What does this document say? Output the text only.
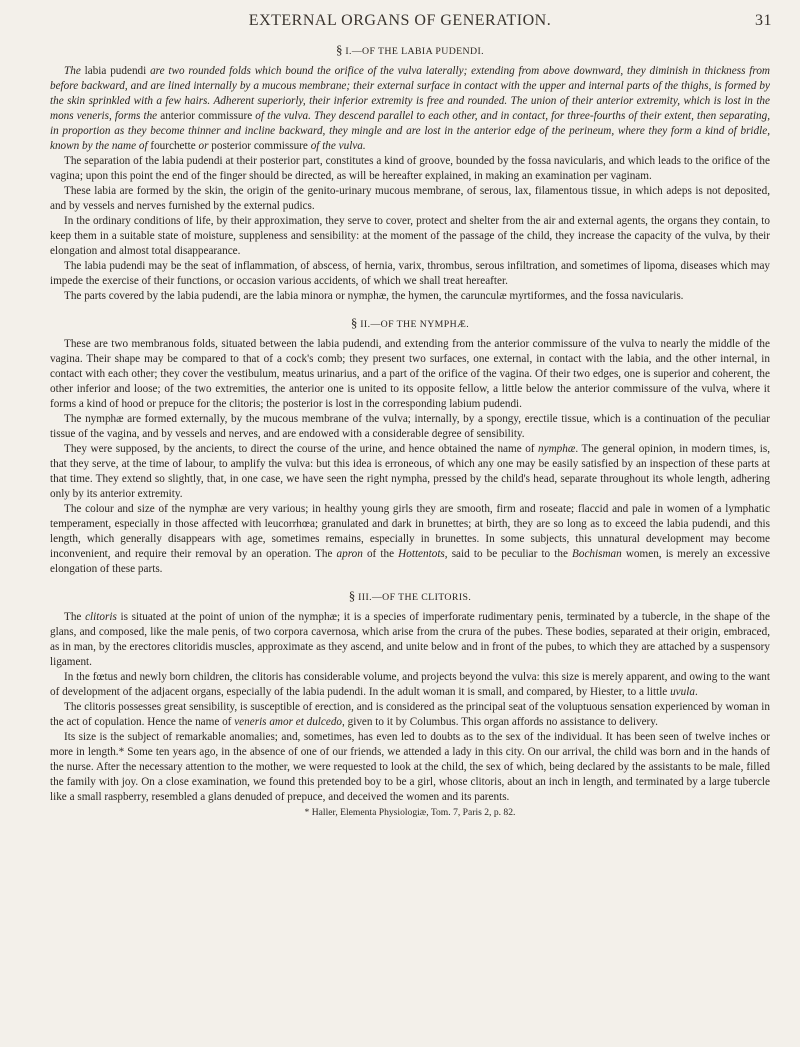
EXTERNAL ORGANS OF GENERATION.	31
§ I.—OF THE LABIA PUDENDI.

The labia pudendi are two rounded folds which bound the orifice of the vulva laterally; extending from above downward, they diminish in thickness from before backward, and are lined internally by a mucous membrane; their external surface in contact with the upper and internal parts of the thighs, is formed by the skin sprinkled with a few hairs. Adherent superiorly, their inferior extremity is free and rounded. The union of their anterior extremity, which is lost in the mons veneris, forms the anterior commissure of the vulva. They descend parallel to each other, and in contact, for three-fourths of their extent, then separating, in proportion as they become thinner and incline backward, they mingle and are lost in the anterior edge of the perineum, where they form a kind of bridle, known by the name of fourchette or posterior commissure of the vulva.

The separation of the labia pudendi at their posterior part, constitutes a kind of groove, bounded by the fossa navicularis, and which leads to the orifice of the vagina; upon this point the end of the finger should be directed, as will be hereafter explained, in making an examination per vaginam.

These labia are formed by the skin, the origin of the genito-urinary mucous membrane, of serous, lax, filamentous tissue, in which adeps is not deposited, and by vessels and nerves furnished by the external pudics.

In the ordinary conditions of life, by their approximation, they serve to cover, protect and shelter from the air and external agents, the organs they contain, to keep them in a suitable state of moisture, suppleness and sensibility: at the moment of the passage of the child, they increase the capacity of the vulva, by their elongation and almost total disappearance.

The labia pudendi may be the seat of inflammation, of abscess, of hernia, varix, thrombus, serous infiltration, and sometimes of lipoma, diseases which may impede the exercise of their functions, or occasion various accidents, of which we shall treat hereafter.

The parts covered by the labia pudendi, are the labia minora or nymphæ, the hymen, the carunculæ myrtiformes, and the fossa navicularis.

§ II.—OF THE NYMPHÆ.

These are two membranous folds, situated between the labia pudendi, and extending from the anterior commissure of the vulva to nearly the middle of the vagina. Their shape may be compared to that of a cock's comb; they present two surfaces, one external, in contact with the labia, and the other internal, in contact with each other; they cover the vestibulum, meatus urinarius, and a part of the orifice of the vagina. Of their two edges, one is superior and coherent, the other inferior and loose; of the two extremities, the anterior one is united to its opposite fellow, a little below the anterior commissure of the vulva, where it forms a kind of hood or prepuce for the clitoris; the posterior is lost in the corresponding labium pudendi.

The nymphæ are formed externally, by the mucous membrane of the vulva; internally, by a spongy, erectile tissue, which is a continuation of the peculiar tissue of the vagina, and by vessels and nerves, and are endowed with a considerable degree of sensibility.

They were supposed, by the ancients, to direct the course of the urine, and hence obtained the name of nymphæ. The general opinion, in modern times, is, that they serve, at the time of labour, to amplify the vulva: but this idea is erroneous, of which any one may be easily satisfied by an inspection of these parts at that time. They extend so slightly, that, in one case, we have seen the right nympha, pressed by the child's head, separate throughout its whole length, adhering only by its anterior extremity.

The colour and size of the nymphæ are very various; in healthy young girls they are smooth, firm and roseate; flaccid and pale in women of a lymphatic temperament, especially in those affected with leucorrhœa; granulated and dark in brunettes; at birth, they are so long as to exceed the labia pudendi, and this length, which generally disappears with age, sometimes remains, especially in brunettes. In some subjects, this unnatural development may become inconvenient, and require their removal by an operation. The apron of the Hottentots, said to be peculiar to the Bochisman women, is merely an excessive elongation of these parts.

§ III.—OF THE CLITORIS.

The clitoris is situated at the point of union of the nymphæ; it is a species of imperforate rudimentary penis, terminated by a tubercle, in the shape of the glans, and composed, like the male penis, of two corpora cavernosa, which arise from the crura of the pubes. These bodies, separated at their origin, embraced, as in man, by the erectores clitoridis muscles, approximate as they ascend, and unite below and in front of the pubes, to which they are attached by a suspensory ligament.

In the fœtus and newly born children, the clitoris has considerable volume, and projects beyond the vulva: this size is merely apparent, and owing to the want of development of the adjacent organs, especially of the labia pudendi. In the adult woman it is small, and compared, by Hiester, to a little uvula.

The clitoris possesses great sensibility, is susceptible of erection, and is considered as the principal seat of the voluptuous sensation experienced by woman in the act of copulation. Hence the name of veneris amor et dulcedo, given to it by Columbus. This organ affords no assistance to delivery.

Its size is the subject of remarkable anomalies; and, sometimes, has even led to doubts as to the sex of the individual. It has been seen of twelve inches or more in length.* Some ten years ago, in the absence of one of our friends, we attended a lady in this city. On our arrival, the child was born and in the hands of the nurse. After the necessary attention to the mother, we were requested to look at the child, the sex of which, being declared by the assistants to be male, filled the family with joy. On a close examination, we found this pretended boy to be a girl, whose clitoris, about an inch in length, and terminated by a large tubercle like a small raspberry, resembled a glans denuded of prepuce, and deceived the women and its parents.

* Haller, Elementa Physiologiæ, Tom. 7, Paris 2, p. 82.
